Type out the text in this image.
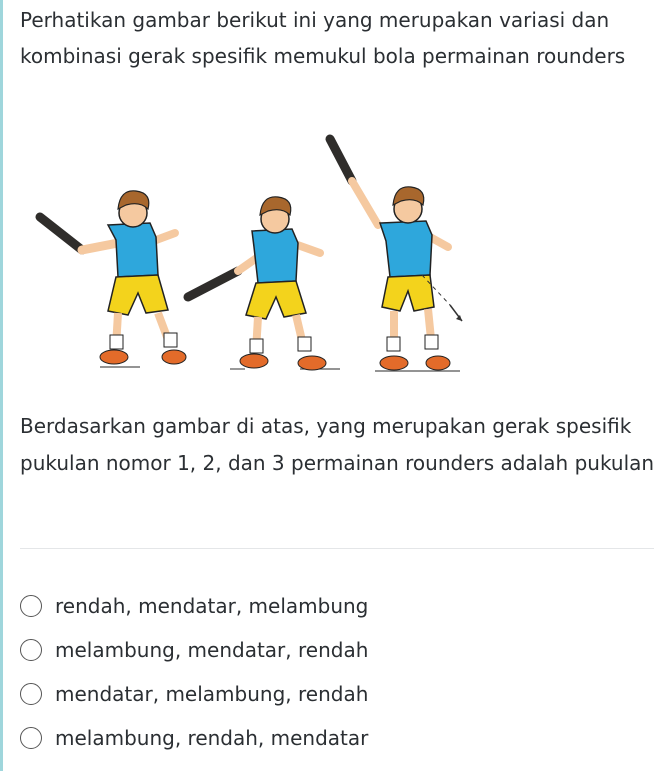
Perhatikan gambar berikut ini yang merupakan variasi dan kombinasi gerak spesifik memukul bola permainan rounders
Berdasarkan gambar di atas, yang merupakan gerak spesifik pukulan nomor 1, 2, dan 3 permainan rounders adalah pukulan
rendah, mendatar, melambung
melambung, mendatar, rendah
mendatar, melambung, rendah
melambung, rendah, mendatar
